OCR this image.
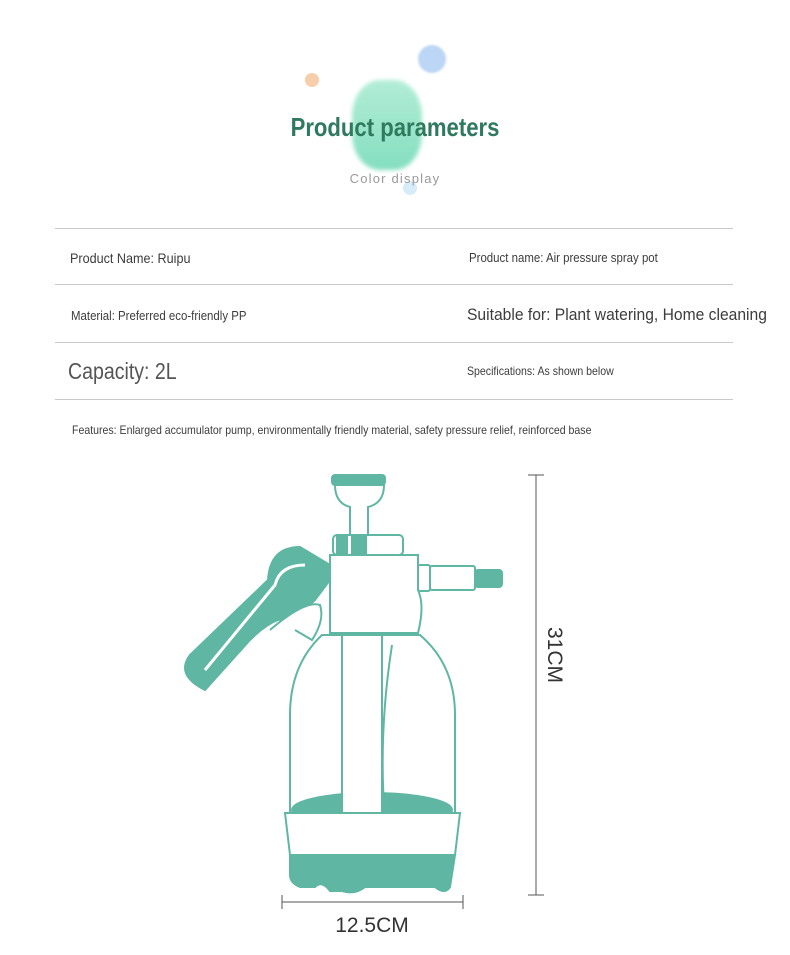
Product parameters
Color display
Product Name: Ruipu	Product name: Air pressure spray pot
Material: Preferred eco-friendly PP	Suitable for: Plant watering, Home cleaning
Capacity: 2L	Specifications: As shown below
Features: Enlarged accumulator pump, environmentally friendly material, safety pressure relief, reinforced base
31CM
12.5CM
